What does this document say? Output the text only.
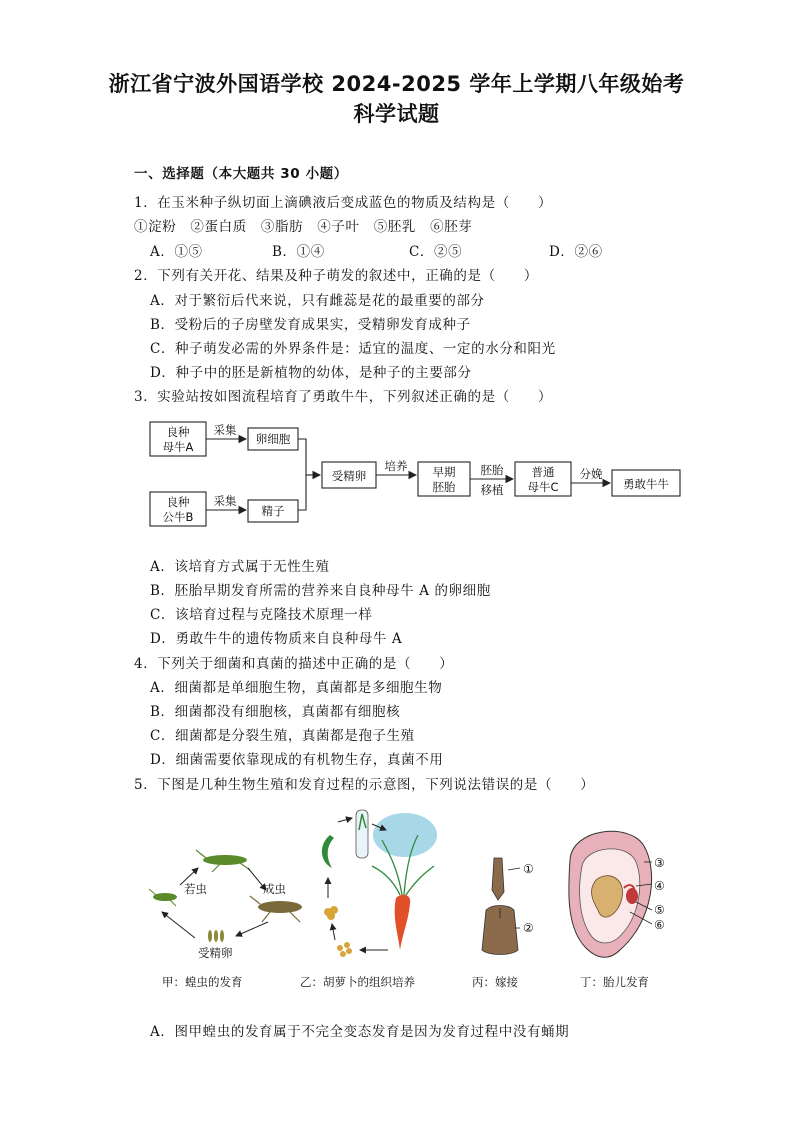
浙江省宁波外国语学校 2024-2025 学年上学期八年级始考
科学试题
一、选择题（本大题共 30 小题）
1．在玉米种子纵切面上滴碘液后变成蓝色的物质及结构是（　　）
①淀粉　②蛋白质　③脂肪　④子叶　⑤胚乳　⑥胚芽
A．①⑤	B．①④	C．②⑤	D．②⑥
2．下列有关开花、结果及种子萌发的叙述中，正确的是（　　）
A．对于繁衍后代来说，只有雌蕊是花的最重要的部分
B．受粉后的子房壁发育成果实，受精卵发育成种子
C．种子萌发必需的外界条件是：适宜的温度、一定的水分和阳光
D．种子中的胚是新植物的幼体，是种子的主要部分
3．实验站按如图流程培育了勇敢牛牛，下列叙述正确的是（　　）
良种
母牛A
良种
公牛B
采集
采集
卵细胞
精子
受精卵
培养 早期
胚胎
胚胎
移植
普通
母牛C
分娩
勇敢牛牛
A．该培育方式属于无性生殖
B．胚胎早期发育所需的营养来自良种母牛 A 的卵细胞
C．该培育过程与克隆技术原理一样
D．勇敢牛牛的遗传物质来自良种母牛 A
4．下列关于细菌和真菌的描述中正确的是（　　）
A．细菌都是单细胞生物，真菌都是多细胞生物
B．细菌都没有细胞核，真菌都有细胞核
C．细菌都是分裂生殖，真菌都是孢子生殖
D．细菌需要依靠现成的有机物生存，真菌不用
5．下图是几种生物生殖和发育过程的示意图，下列说法错误的是（　　）
若虫	成虫
受精卵
①
②
③
④
⑤
⑥
甲：蝗虫的发育	乙：胡萝卜的组织培养	丙：嫁接	丁：胎儿发育
A．图甲蝗虫的发育属于不完全变态发育是因为发育过程中没有蛹期
